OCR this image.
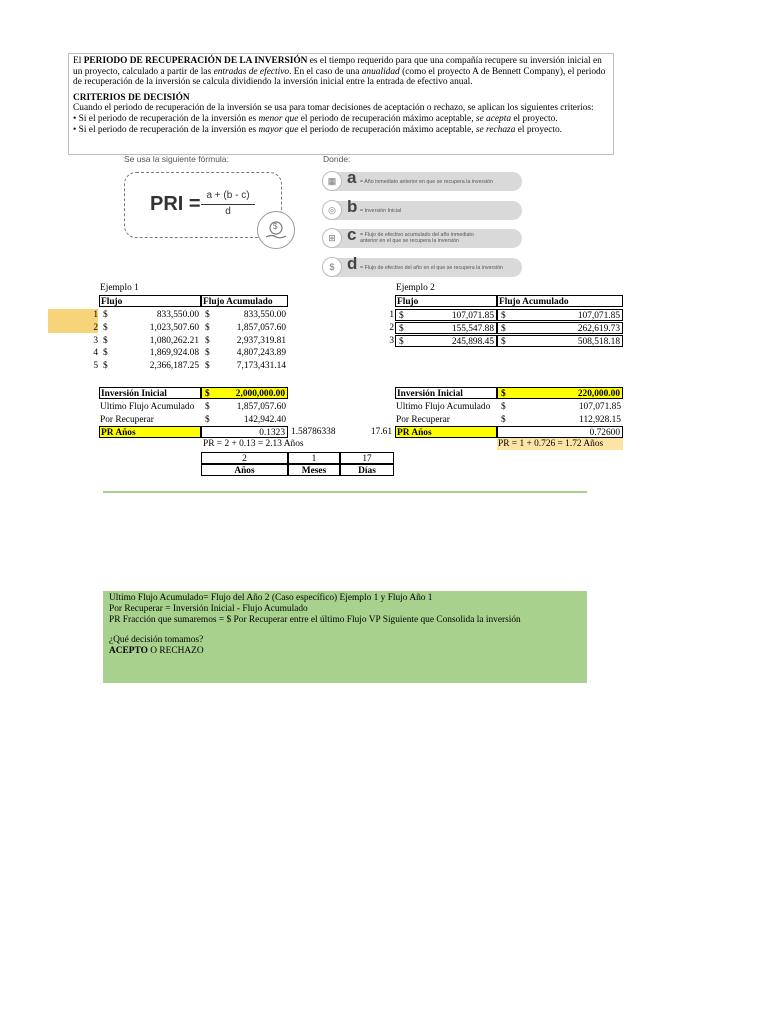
El PERIODO DE RECUPERACIÓN DE LA INVERSIÓN es el tiempo requerido para que una compañía recupere su inversión inicial en un proyecto, calculado a partir de las entradas de efectivo. En el caso de una anualidad (como el proyecto A de Bennett Company), el periodo de recuperación de la inversión se calcula dividiendo la inversión inicial entre la entrada de efectivo anual.

CRITERIOS DE DECISIÓN

Cuando el periodo de recuperación de la inversión se usa para tomar decisiones de aceptación o rechazo, se aplican los siguientes criterios:

• Si el periodo de recuperación de la inversión es menor que el periodo de recuperación máximo aceptable, se acepta el proyecto.

• Si el periodo de recuperación de la inversión es mayor que el periodo de recuperación máximo aceptable, se rechaza el proyecto.

Se usa la siguiente fórmula:
PRI = a + (b - c)
d
$
Donde:
▦ a = Año inmediato anterior en que se recupera la inversión
◎ b = Inversión Inicial
⊞ c = Flujo de efectivo acumulado del año inmediato anterior en el que se recupera la inversión
$ d = Flujo de efectivo del año en el que se recupera la inversión
Ejemplo 1
Flujo	Flujo Acumulado
1 $	833,550.00 $	833,550.00
2 $	1,023,507.60 $	1,857,057.60
3 $	1,080,262.21 $	2,937,319.81
4 $	1,869,924.08 $	4,807,243.89
5 $	2,366,187.25 $	7,173,431.14
Inversión Inicial	$	2,000,000.00
Ultimo Flujo Acumulado $	1,857,057.60
Por Recuperar	$	142,942.40
PR Años	0.1323 1.58786338	17.61
PR = 2 + 0.13 = 2.13 Años
2	1	17
Años	Meses	Días
Ejemplo 2
Flujo	Flujo Acumulado
1 $	107,071.85 $	107,071.85
2 $	155,547.88 $	262,619.73
3 $	245,898.45 $	508,518.18
Inversión Inicial	$	220,000.00
Ultimo Flujo Acumulado $	107,071.85
Por Recuperar	$	112,928.15
PR Años	0.72600
PR = 1 + 0.726 = 1.72 Años

Ultimo Flujo Acumulado= Flujo del Año 2 (Caso específico) Ejemplo 1 y Flujo Año 1

Por Recuperar = Inversión Inicial - Flujo Acumulado

PR Fracción que sumaremos = $ Por Recuperar entre el último Flujo VP Siguiente que Consolida la inversión

¿Qué decisión tomamos?

ACEPTO O RECHAZO
